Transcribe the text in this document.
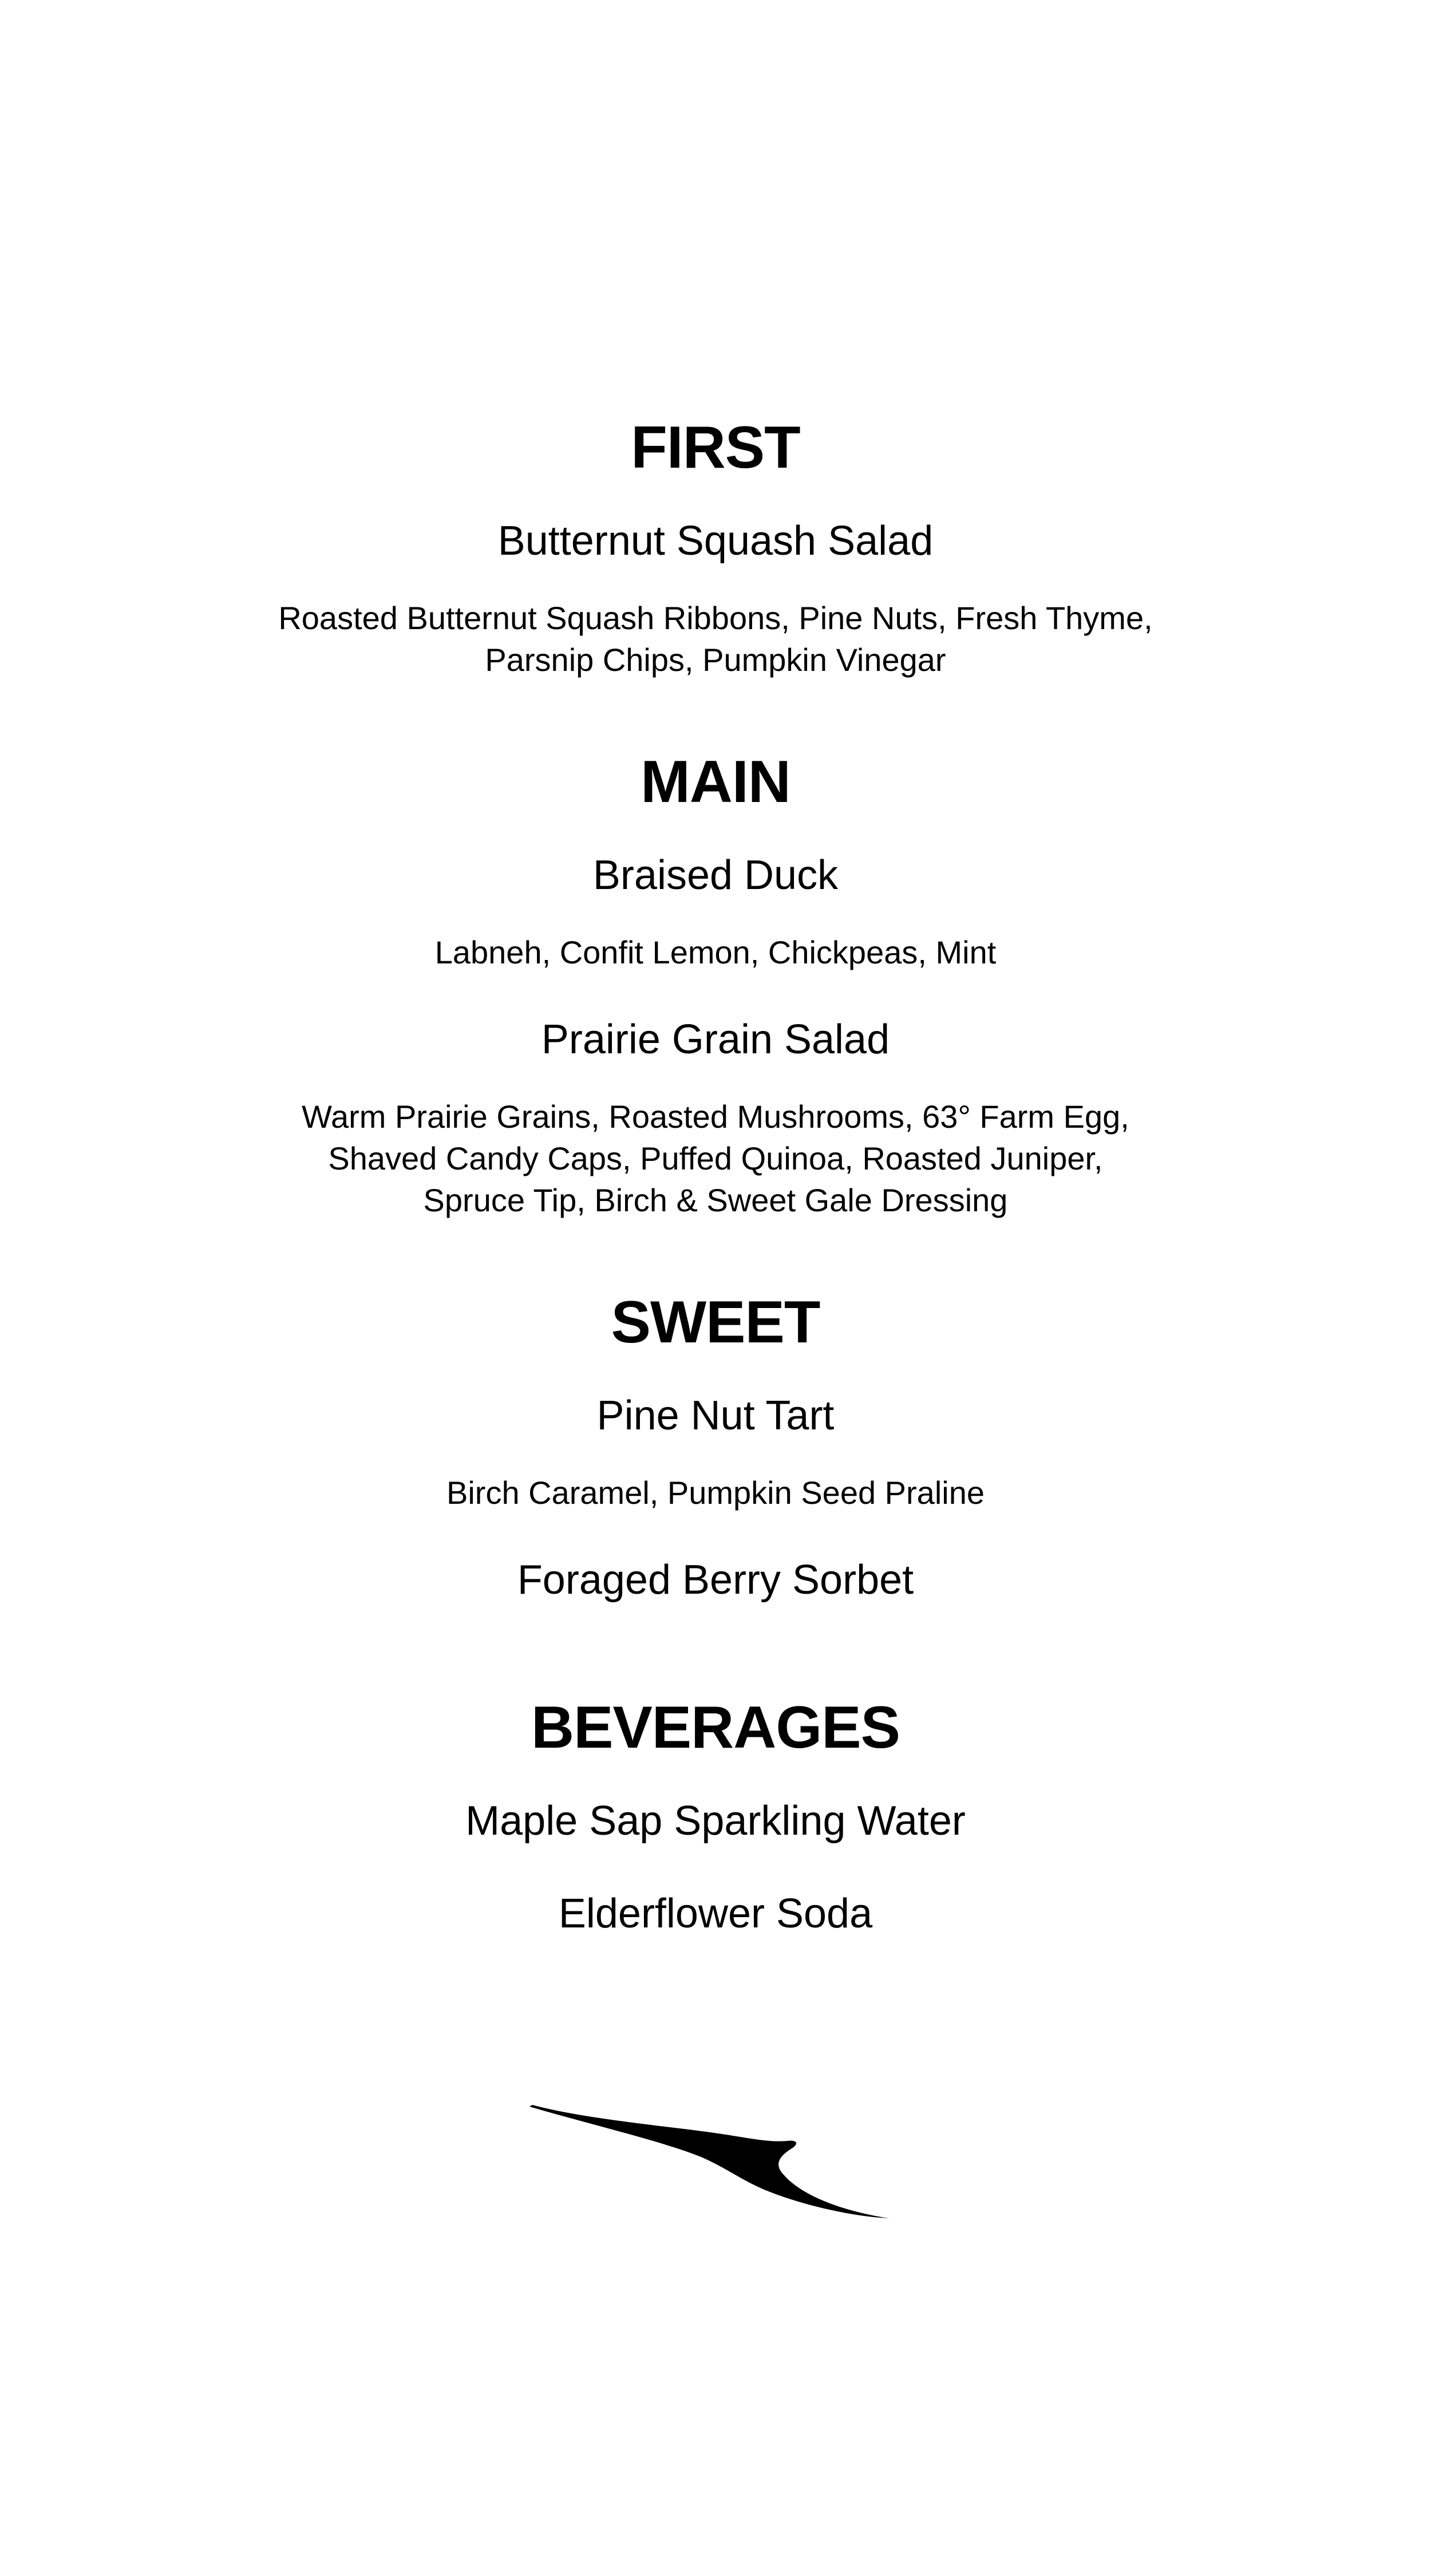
FIRST
Butternut Squash Salad

Roasted Butternut Squash Ribbons, Pine Nuts, Fresh Thyme,
Parsnip Chips, Pumpkin Vinegar

MAIN
Braised Duck

Labneh, Confit Lemon, Chickpeas, Mint

Prairie Grain Salad

Warm Prairie Grains, Roasted Mushrooms, 63° Farm Egg,
Shaved Candy Caps, Puffed Quinoa, Roasted Juniper,
Spruce Tip, Birch & Sweet Gale Dressing

SWEET
Pine Nut Tart

Birch Caramel, Pumpkin Seed Praline

Foraged Berry Sorbet
BEVERAGES
Maple Sap Sparkling Water
Elderflower Soda
